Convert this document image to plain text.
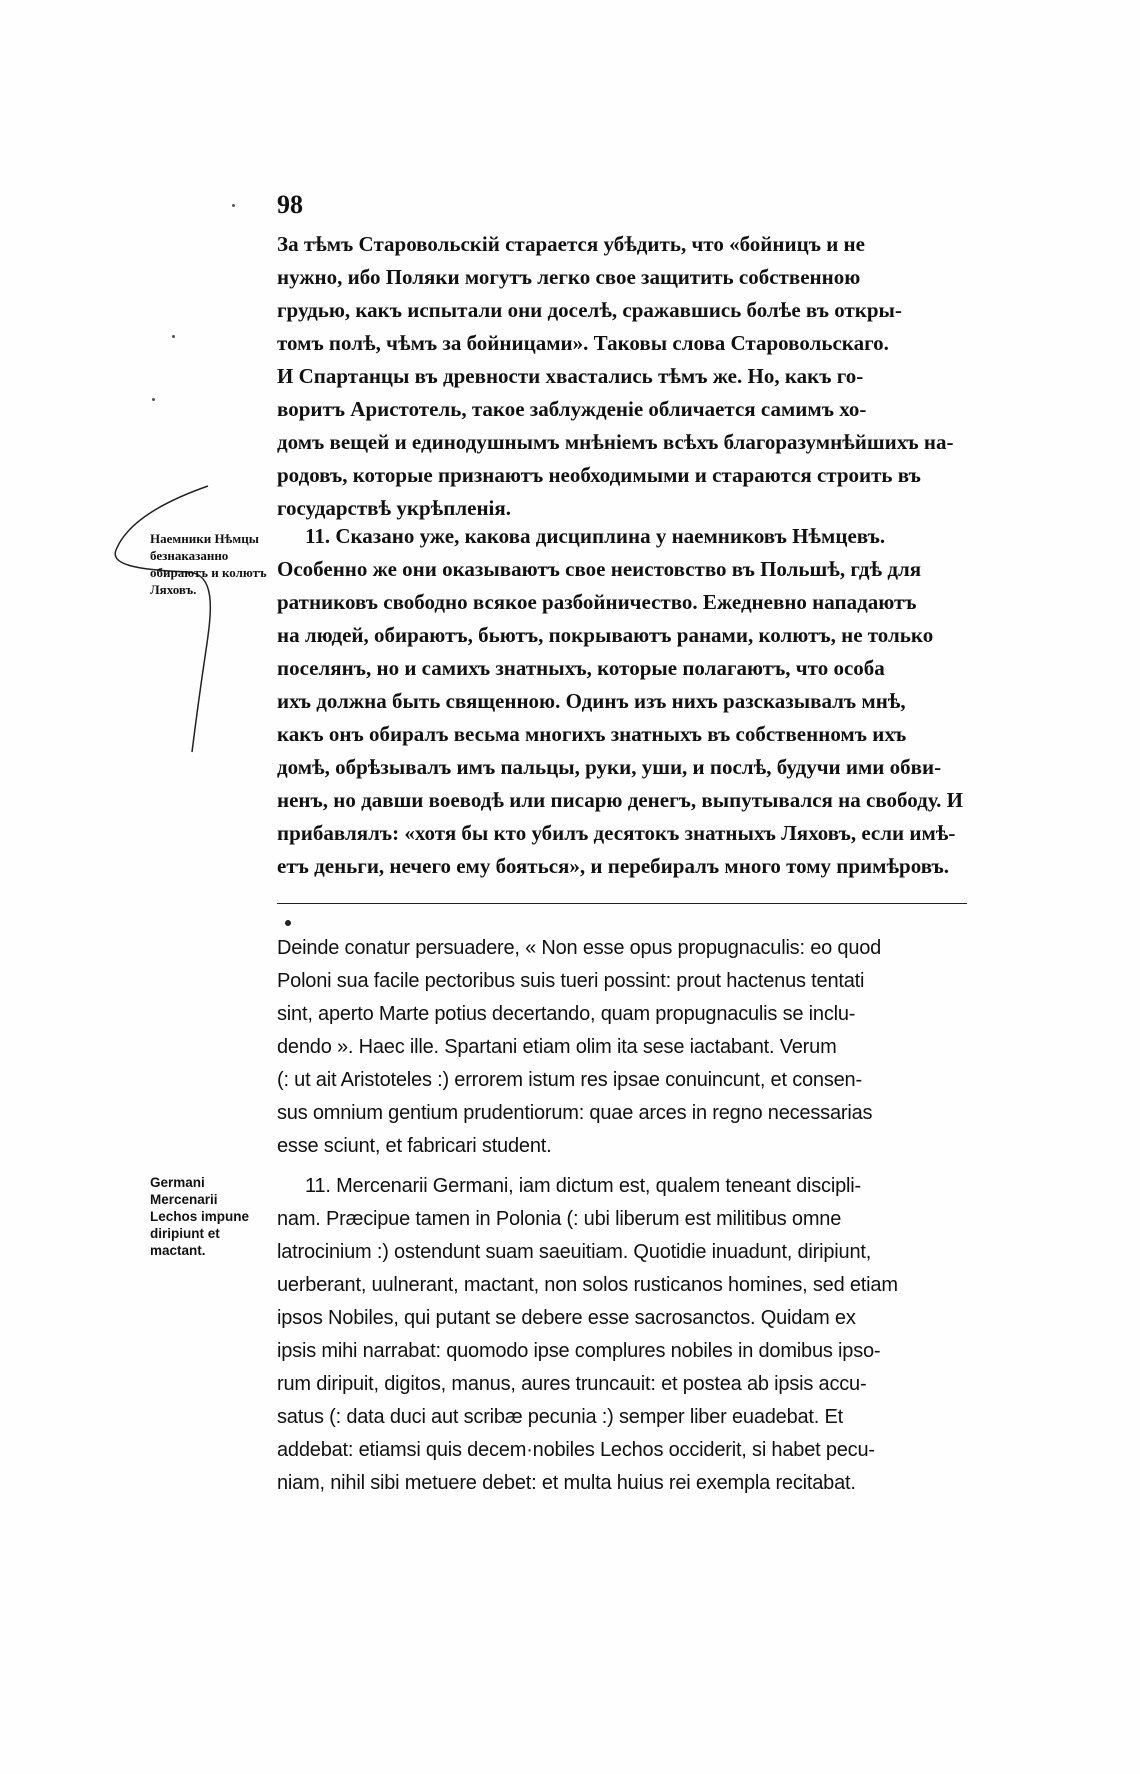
98

За тѣмъ Старовольскій старается убѣдить, что «бойницъ и не

нужно, ибо Поляки могутъ легко свое защитить собственною

грудью, какъ испытали они доселѣ, сражавшись болѣе въ откры-

томъ полѣ, чѣмъ за бойницами». Таковы слова Старовольскаго.

И Спартанцы въ древности хвастались тѣмъ же. Но, какъ го-

воритъ Аристотель, такое заблужденіе обличается самимъ хо-

домъ вещей и единодушнымъ мнѣніемъ всѣхъ благоразумнѣйшихъ на-

родовъ, которые признаютъ необходимыми и стараются строить въ

государствѣ укрѣпленія.

Наемники Нѣмцы безнаказанно обираютъ и колютъ Ляховъ.

11. Сказано уже, какова дисциплина у наемниковъ Нѣмцевъ.

Особенно же они оказываютъ свое неистовство въ Польшѣ, гдѣ для

ратниковъ свободно всякое разбойничество. Ежедневно нападаютъ

на людей, обираютъ, бьютъ, покрываютъ ранами, колютъ, не только

поселянъ, но и самихъ знатныхъ, которые полагаютъ, что особа

ихъ должна быть священною. Одинъ изъ нихъ разсказывалъ мнѣ,

какъ онъ обиралъ весьма многихъ знатныхъ въ собственномъ ихъ

домѣ, обрѣзывалъ имъ пальцы, руки, уши, и послѣ, будучи ими обви-

ненъ, но давши воеводѣ или писарю денегъ, выпутывался на свободу. И

прибавлялъ: «хотя бы кто убилъ десятокъ знатныхъ Ляховъ, если имѣ-

етъ деньги, нечего ему бояться», и перебиралъ много тому примѣровъ.

Deinde conatur persuadere, « Non esse opus propugnaculis: eo quod

Poloni sua facile pectoribus suis tueri possint: prout hactenus tentati

sint, aperto Marte potius decertando, quam propugnaculis se inclu-

dendo ». Haec ille. Spartani etiam olim ita sese iactabant. Verum

(: ut ait Aristoteles :) errorem istum res ipsae conuincunt, et consen-

sus omnium gentium prudentiorum: quae arces in regno necessarias

esse sciunt, et fabricari student.

Germani Mercenarii Lechos impune diripiunt et mactant.

11. Mercenarii Germani, iam dictum est, qualem teneant discipli-

nam. Præcipue tamen in Polonia (: ubi liberum est militibus omne

latrocinium :) ostendunt suam saeuitiam. Quotidie inuadunt, diripiunt,

uerberant, uulnerant, mactant, non solos rusticanos homines, sed etiam

ipsos Nobiles, qui putant se debere esse sacrosanctos. Quidam ex

ipsis mihi narrabat: quomodo ipse complures nobiles in domibus ipso-

rum diripuit, digitos, manus, aures truncauit: et postea ab ipsis accu-

satus (: data duci aut scribæ pecunia :) semper liber euadebat. Et

addebat: etiamsi quis decem·nobiles Lechos occiderit, si habet pecu-

niam, nihil sibi metuere debet: et multa huius rei exempla recitabat.
